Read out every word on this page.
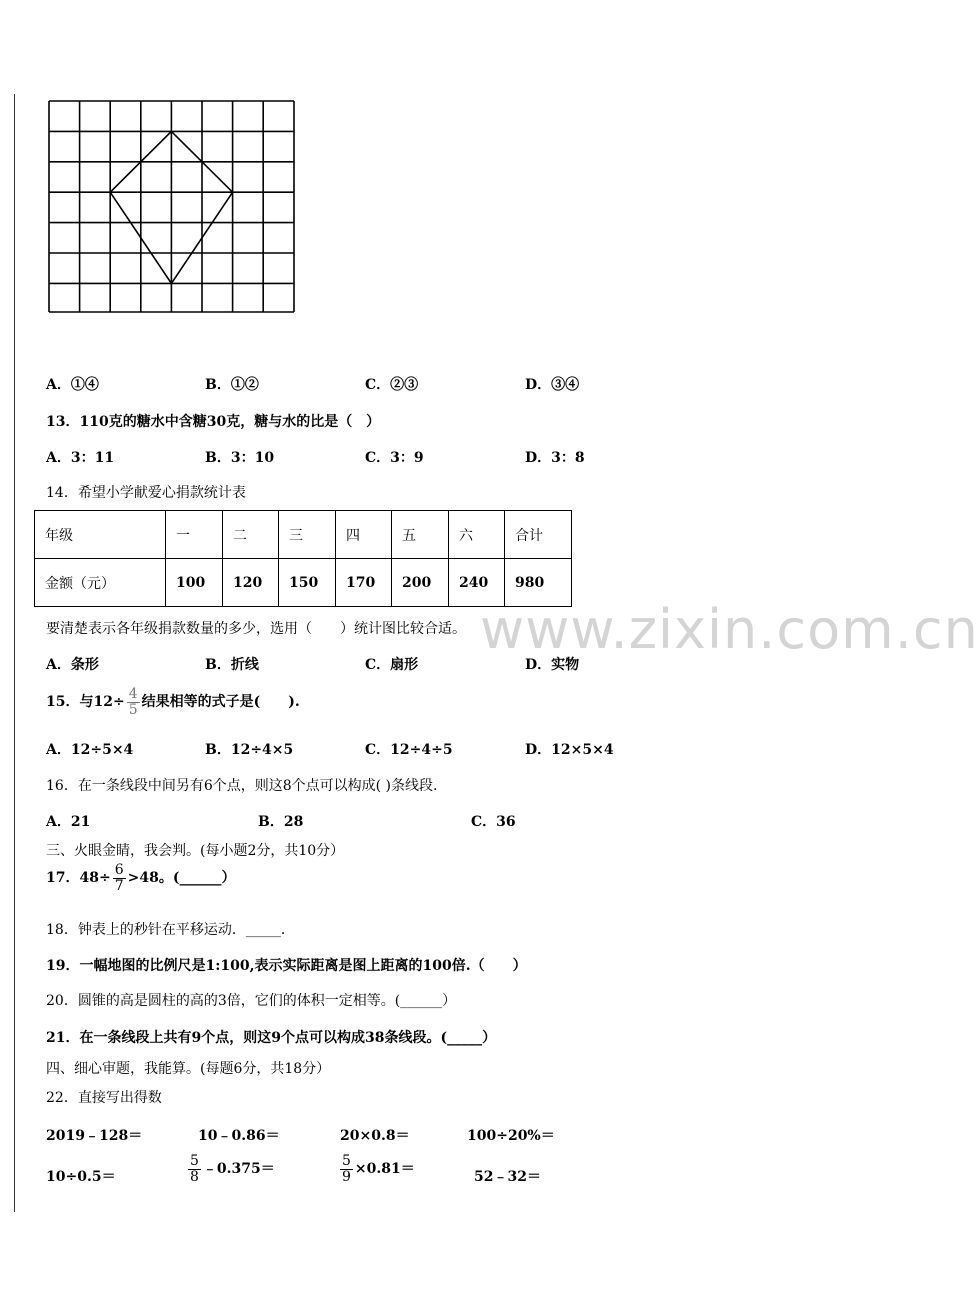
A．①④	B．①②	C．②③	D．③④
13．110克的糖水中含糖30克，糖与水的比是（　）
A．3：11	B．3：10	C．3：9	D．3：8
14．希望小学献爱心捐款统计表
年级	一	二	三	四	五	六	合计
金额（元）	100	120	150	170	200	240	980
www.zixin.com.cn
要清楚表示各年级捐款数量的多少，选用（　　）统计图比较合适。
A．条形	B．折线	C．扇形	D．实物
15．与$12\div \frac{4}{5}$ 结果相等的式子是(　　).
A．12÷5×4	B．12÷4×5	C．12÷4÷5	D．12×5×4
16．在一条线段中间另有6个点，则这8个点可以构成( )条线段.
A．21	B．28	C．36
三、火眼金睛，我会判。(每小题2分，共10分）
17．$48\div \frac{6}{7} >48$。(______）
18．钟表上的秒针在平移运动．_____．
19．一幅地图的比例尺是1:100,表示实际距离是图上距离的100倍.（　　）
20．圆锥的高是圆柱的高的3倍，它们的体积一定相等。(______）
21．在一条线段上共有9个点，则这9个点可以构成38条线段。(_____）
四、细心审题，我能算。(每题6分，共18分）
22．直接写出得数
2019﹣128＝	10﹣0.86＝	20×0.8＝	100÷20%＝
10÷0.5＝	$\frac{5}{8}$ ﹣0.375＝	$\frac{5}{9} \times 0.81=$	52﹣32＝
